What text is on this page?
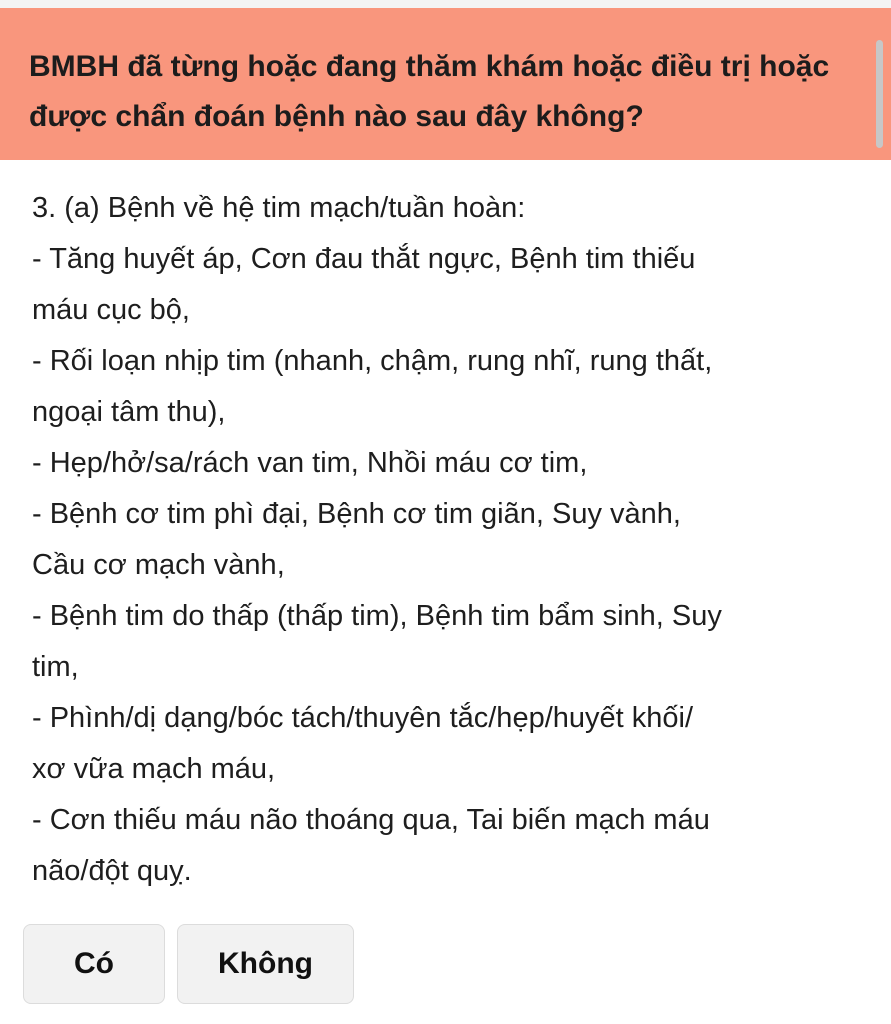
BMBH đã từng hoặc đang thăm khám hoặc điều trị hoặc được chẩn đoán bệnh nào sau đây không?
3. (a) Bệnh về hệ tim mạch/tuần hoàn:
- Tăng huyết áp, Cơn đau thắt ngực, Bệnh tim thiếu
máu cục bộ,
- Rối loạn nhịp tim (nhanh, chậm, rung nhĩ, rung thất,
ngoại tâm thu),
- Hẹp/hở/sa/rách van tim, Nhồi máu cơ tim,
- Bệnh cơ tim phì đại, Bệnh cơ tim giãn, Suy vành,
Cầu cơ mạch vành,
- Bệnh tim do thấp (thấp tim), Bệnh tim bẩm sinh, Suy
tim,
- Phình/dị dạng/bóc tách/thuyên tắc/hẹp/huyết khối/
xơ vữa mạch máu,
- Cơn thiếu máu não thoáng qua, Tai biến mạch máu
não/đột quỵ.
Có	Không
